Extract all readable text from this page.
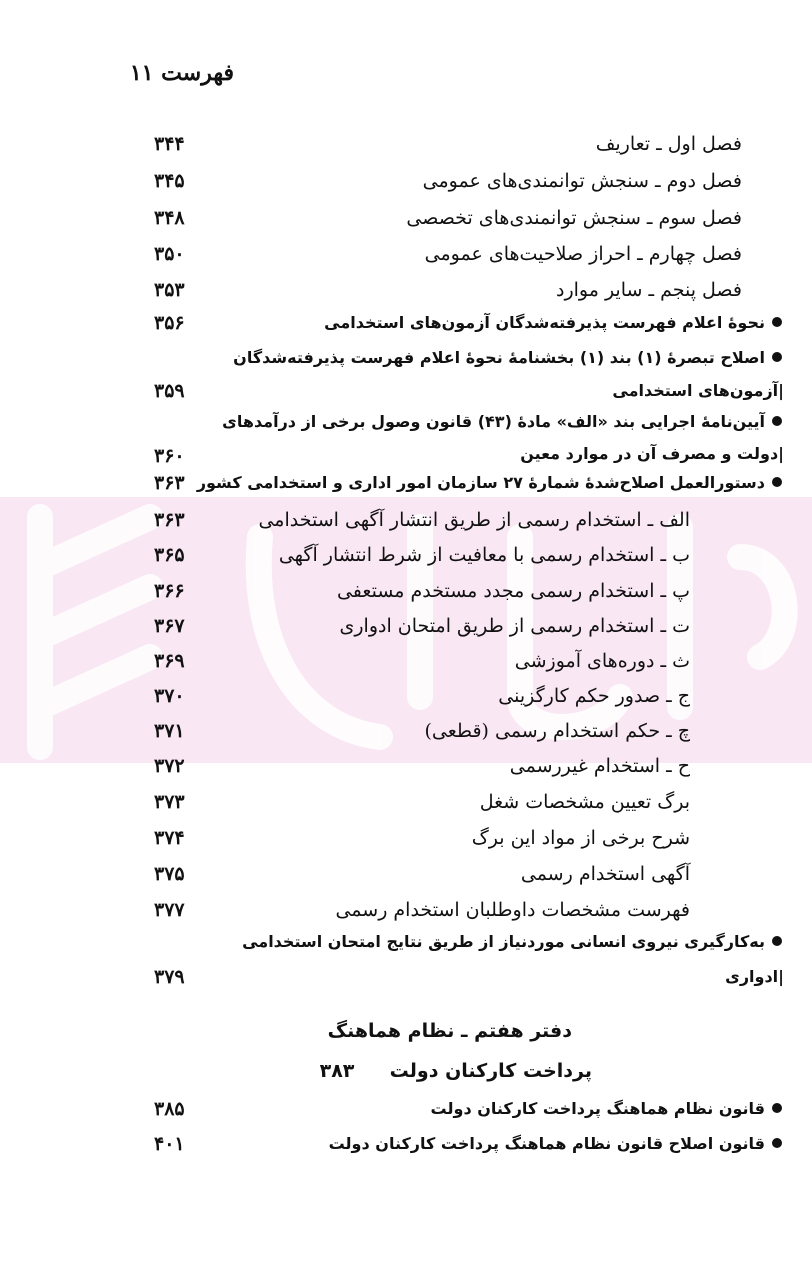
فهرست ۱۱
فصل اول ـ تعاریف
۳۴۴
فصل دوم ـ سنجش توانمندی‌های عمومی
۳۴۵
فصل سوم ـ سنجش توانمندی‌های تخصصی
۳۴۸
فصل چهارم ـ احراز صلاحیت‌های عمومی
۳۵۰
فصل پنجم ـ سایر موارد
۳۵۳
نحوهٔ اعلام فهرست پذیرفته‌شدگان آزمون‌های استخدامی
۳۵۶
اصلاح تبصرهٔ (۱) بند (۱) بخشنامهٔ نحوهٔ اعلام فهرست پذیرفته‌شدگان
|آزمون‌های استخدامی
۳۵۹
آیین‌نامهٔ اجرایی بند «الف» مادهٔ (۴۳) قانون وصول برخی از درآمدهای
|دولت و مصرف آن در موارد معین
۳۶۰
دستورالعمل اصلاح‌شدهٔ شمارهٔ ۲۷ سازمان امور اداری و استخدامی کشور
۳۶۳
الف ـ استخدام رسمی از طریق انتشار آگهی استخدامی
۳۶۳
ب ـ استخدام رسمی با معافیت از شرط انتشار آگهی
۳۶۵
پ ـ استخدام رسمی مجدد مستخدم مستعفی
۳۶۶
ت ـ استخدام رسمی از طریق امتحان ادواری
۳۶۷
ث ـ دوره‌های آموزشی
۳۶۹
ج ـ صدور حکم کارگزینی
۳۷۰
چ ـ حکم استخدام رسمی (قطعی)
۳۷۱
ح ـ استخدام غیررسمی
۳۷۲
برگ تعیین مشخصات شغل
۳۷۳
شرح برخی از مواد این برگ
۳۷۴
آگهی استخدام رسمی
۳۷۵
فهرست مشخصات داوطلبان استخدام رسمی
۳۷۷
به‌کارگیری نیروی انسانی موردنیاز از طریق نتایج امتحان استخدامی
|ادواری
۳۷۹
دفتر هفتم ـ نظام هماهنگ
پرداخت کارکنان دولت  ۳۸۳
قانون نظام هماهنگ پرداخت کارکنان دولت
۳۸۵
قانون اصلاح قانون نظام هماهنگ پرداخت کارکنان دولت
۴۰۱
